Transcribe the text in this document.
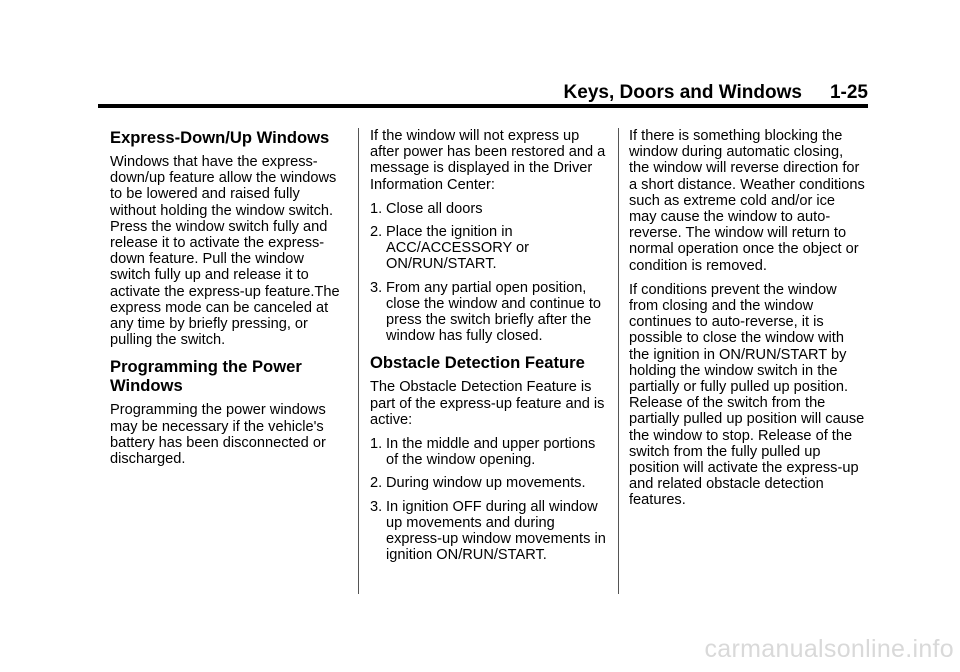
Keys, Doors and Windows 1-25
Express-Down/Up Windows

Windows that have the express-down/up feature allow the windows to be lowered and raised fully without holding the window switch. Press the window switch fully and release it to activate the express-down feature. Pull the window switch fully up and release it to activate the express-up feature.The express mode can be canceled at any time by briefly pressing, or pulling the switch.

Programming the Power Windows

Programming the power windows may be necessary if the vehicle's battery has been disconnected or discharged.

If the window will not express up after power has been restored and a message is displayed in the Driver Information Center:

1. Close all doors
2. Place the ignition in ACC/ACCESSORY or ON/RUN/START.
3. From any partial open position, close the window and continue to press the switch briefly after the window has fully closed.
Obstacle Detection Feature

The Obstacle Detection Feature is part of the express-up feature and is active:

1. In the middle and upper portions of the window opening.
2. During window up movements.
3. In ignition OFF during all window up movements and during express-up window movements in ignition ON/RUN/START.

If there is something blocking the window during automatic closing, the window will reverse direction for a short distance. Weather conditions such as extreme cold and/or ice may cause the window to auto-reverse. The window will return to normal operation once the object or condition is removed.

If conditions prevent the window from closing and the window continues to auto-reverse, it is possible to close the window with the ignition in ON/RUN/START by holding the window switch in the partially or fully pulled up position. Release of the switch from the partially pulled up position will cause the window to stop. Release of the switch from the fully pulled up position will activate the express-up and related obstacle detection features.

carmanualsonline.info
